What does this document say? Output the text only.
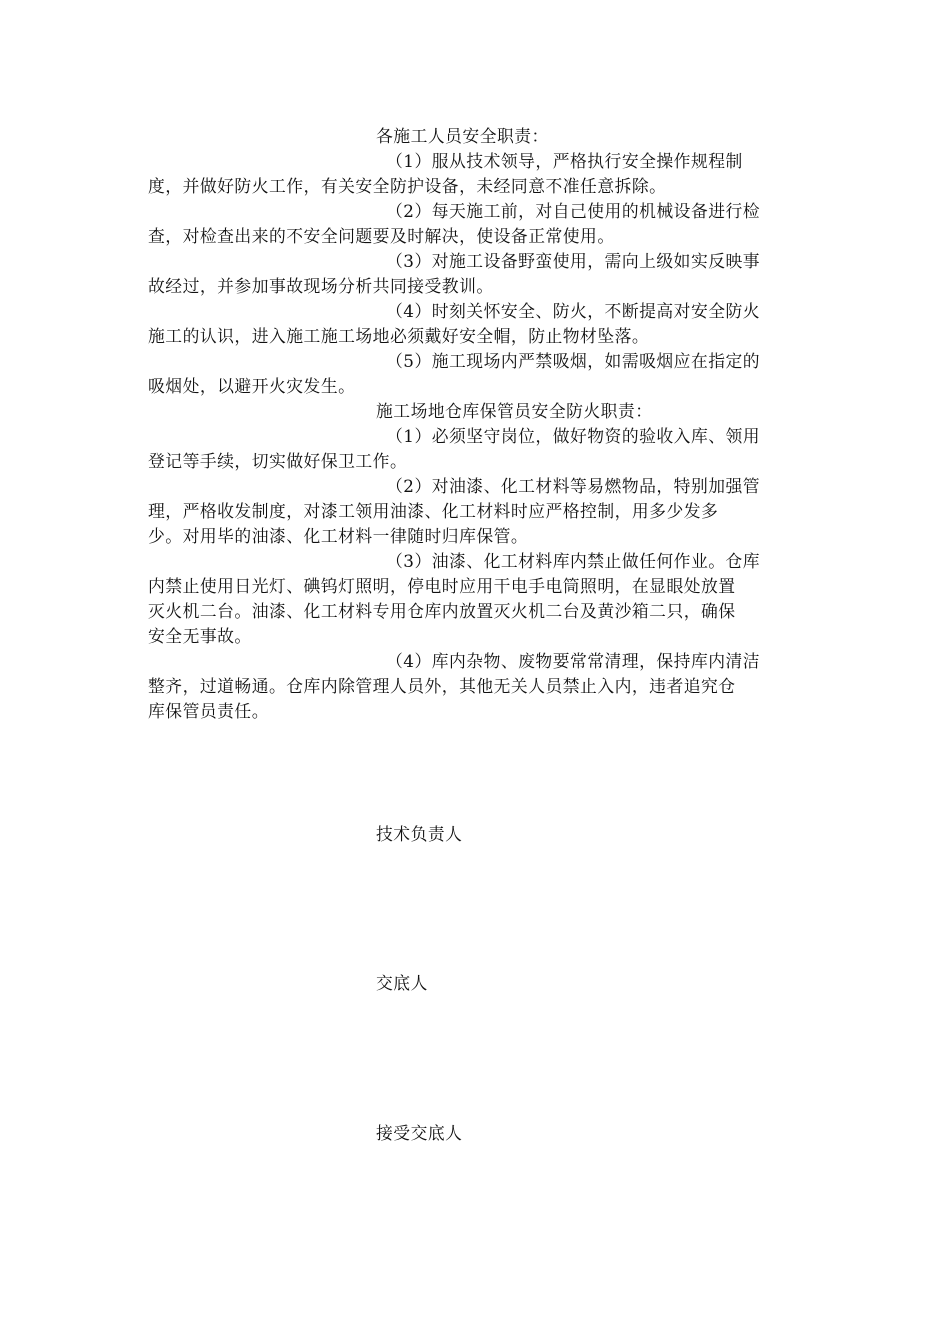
各施工人员安全职责：
（1）服从技术领导，严格执行安全操作规程制
度，并做好防火工作，有关安全防护设备，未经同意不准任意拆除。
（2）每天施工前，对自己使用的机械设备进行检
查，对检查出来的不安全问题要及时解决，使设备正常使用。
（3）对施工设备野蛮使用，需向上级如实反映事
故经过，并参加事故现场分析共同接受教训。
（4）时刻关怀安全、防火，不断提高对安全防火
施工的认识，进入施工施工场地必须戴好安全帽，防止物材坠落。
（5）施工现场内严禁吸烟，如需吸烟应在指定的
吸烟处，以避开火灾发生。
施工场地仓库保管员安全防火职责：
（1）必须坚守岗位，做好物资的验收入库、领用
登记等手续，切实做好保卫工作。
（2）对油漆、化工材料等易燃物品，特别加强管
理，严格收发制度，对漆工领用油漆、化工材料时应严格控制，用多少发多
少。对用毕的油漆、化工材料一律随时归库保管。
（3）油漆、化工材料库内禁止做任何作业。仓库
内禁止使用日光灯、碘钨灯照明，停电时应用干电手电筒照明，在显眼处放置
灭火机二台。油漆、化工材料专用仓库内放置灭火机二台及黄沙箱二只，确保
安全无事故。
（4）库内杂物、废物要常常清理，保持库内清洁
整齐，过道畅通。仓库内除管理人员外，其他无关人员禁止入内，违者追究仓
库保管员责任。
技术负责人
交底人
接受交底人
